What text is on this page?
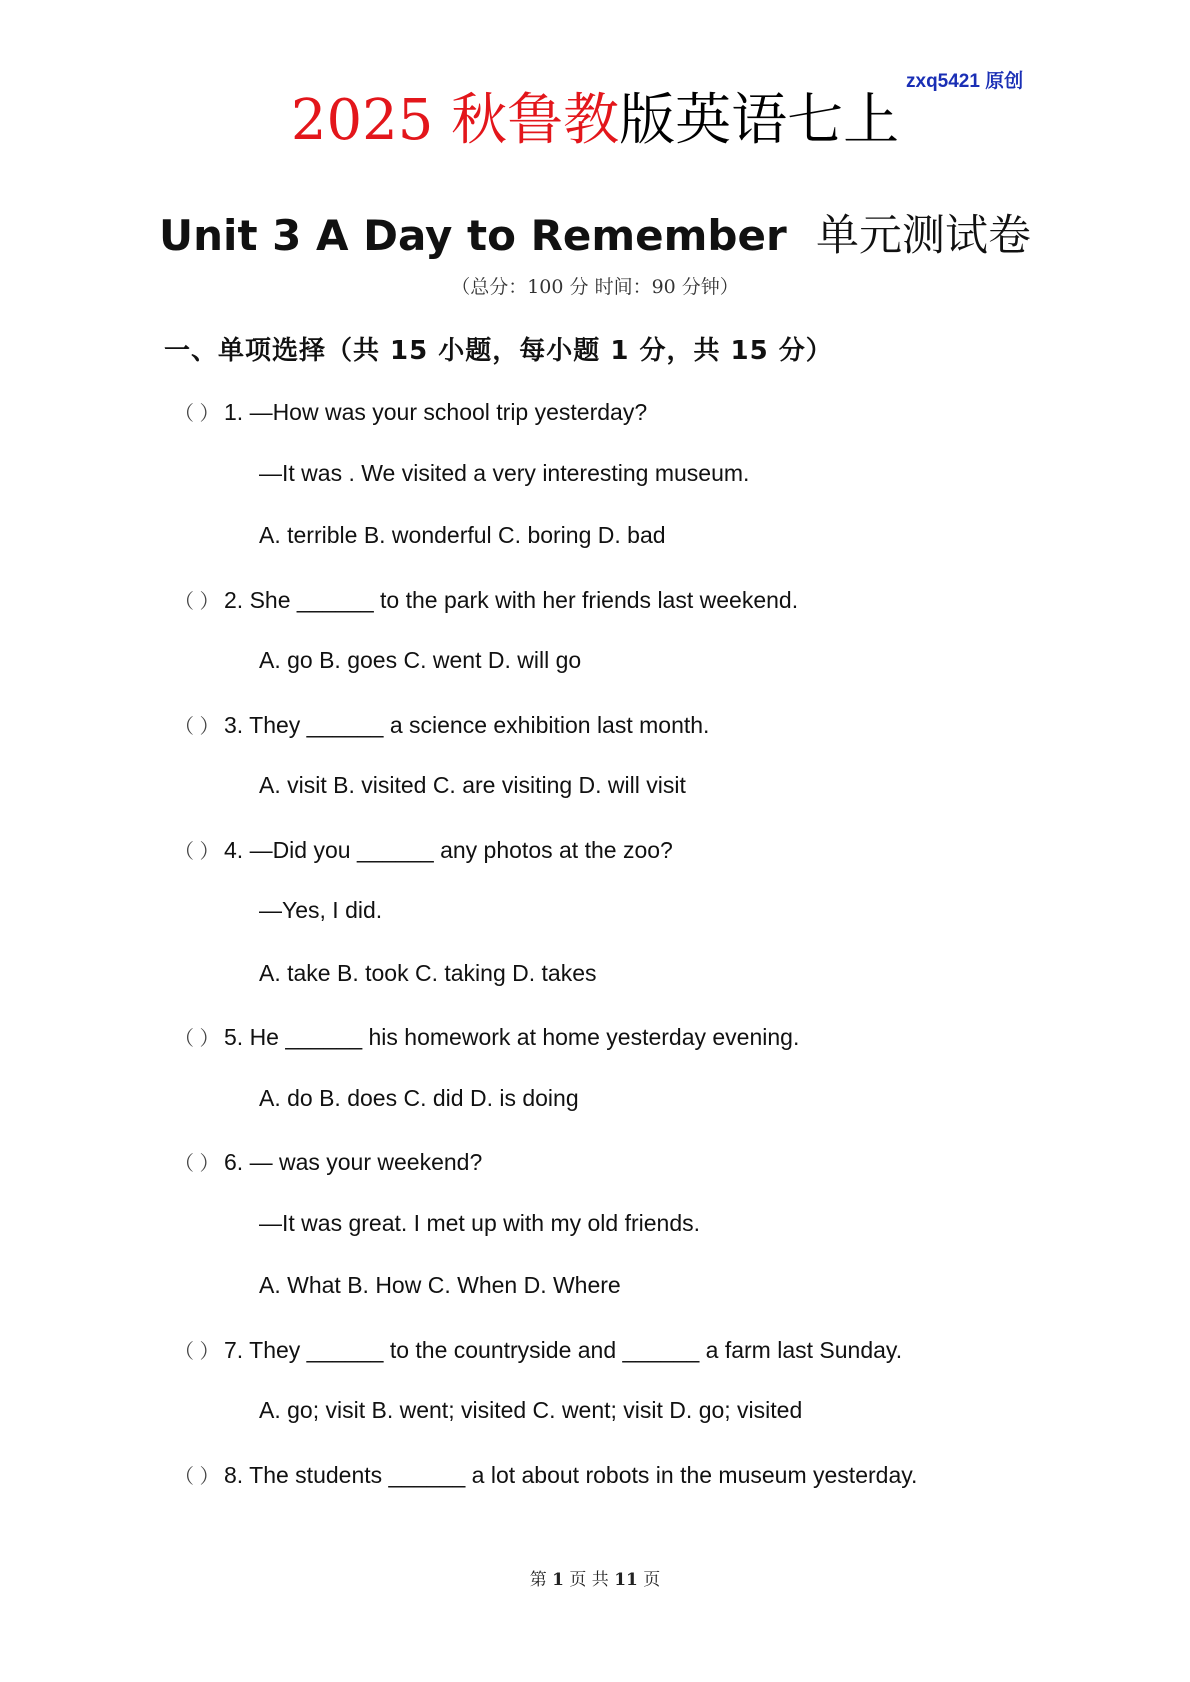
zxq5421 原创
2025 秋鲁教版英语七上
Unit 3 A Day to Remember 单元测试卷
（总分：100 分 时间：90 分钟）
一、单项选择（共 15 小题，每小题 1 分，共 15 分）
（ ） 1. —How was your school trip yesterday?
—It was . We visited a very interesting museum.
A. terrible B. wonderful C. boring D. bad
（ ） 2. She ______ to the park with her friends last weekend.
A. go B. goes C. went D. will go
（ ） 3. They ______ a science exhibition last month.
A. visit B. visited C. are visiting D. will visit
（ ） 4. —Did you ______ any photos at the zoo?
—Yes, I did.
A. take B. took C. taking D. takes
（ ） 5. He ______ his homework at home yesterday evening.
A. do B. does C. did D. is doing
（ ） 6. — was your weekend?
—It was great. I met up with my old friends.
A. What B. How C. When D. Where
（ ） 7. They ______ to the countryside and ______ a farm last Sunday.
A. go; visit B. went; visited C. went; visit D. go; visited
（ ） 8. The students ______ a lot about robots in the museum yesterday.
第 1 页 共 11 页
